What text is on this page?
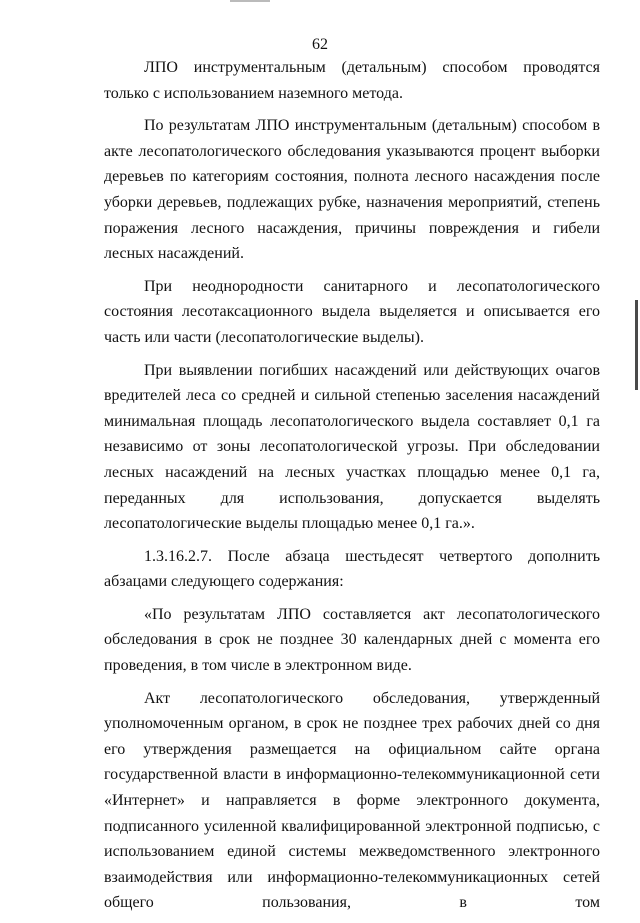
62

ЛПО инструментальным (детальным) способом проводятся только с использованием наземного метода.

По результатам ЛПО инструментальным (детальным) способом в акте лесопатологического обследования указываются процент выборки деревьев по категориям состояния, полнота лесного насаждения после уборки деревьев, подлежащих рубке, назначения мероприятий, степень поражения лесного насаждения, причины повреждения и гибели лесных насаждений.

При неоднородности санитарного и лесопатологического состояния лесотаксационного выдела выделяется и описывается его часть или части (лесопатологические выделы).

При выявлении погибших насаждений или действующих очагов вредителей леса со средней и сильной степенью заселения насаждений минимальная площадь лесопатологического выдела составляет 0,1 га независимо от зоны лесопатологической угрозы. При обследовании лесных насаждений на лесных участках площадью менее 0,1 га, переданных для использования, допускается выделять лесопатологические выделы площадью менее 0,1 га.».

1.3.16.2.7. После абзаца шестьдесят четвертого дополнить абзацами следующего содержания:

«По результатам ЛПО составляется акт лесопатологического обследования в срок не позднее 30 календарных дней с момента его проведения, в том числе в электронном виде.

Акт лесопатологического обследования, утвержденный уполномоченным органом, в срок не позднее трех рабочих дней со дня его утверждения размещается на официальном сайте органа государственной власти в информационно-телекоммуникационной сети «Интернет» и направляется в форме электронного документа, подписанного усиленной квалифицированной электронной подписью, с использованием единой системы межведомственного электронного взаимодействия или информационно-телекоммуникационных сетей общего пользования, в том
